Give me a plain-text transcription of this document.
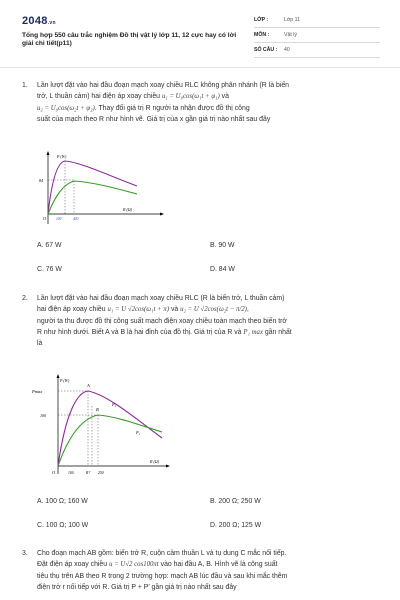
2048.vn
Tổng hợp 550 câu trắc nghiệm Đồ thị vật lý lớp 11, 12 cực hay có lời giải chi tiết(p11)
LỚP :	Lớp 11
MÔN :	Vật lý
SỐ CÂU : 40
1. Lần lượt đặt vào hai đầu đoạn mạch xoay chiều RLC không phân nhánh (R là biến
trở, L thuần cảm) hai điện áp xoay chiều u₁ = U₀cos(ω₁t + φ₁) và
u₂ = U₀cos(ω₂t + φ₂). Thay đổi giá trị R người ta nhận được đồ thị công
suất của mạch theo R như hình vẽ. Giá trị của x gần giá trị nào nhất sau đây
P (W)
84
O	100	400
R (Ω)
A. 67 W	B. 90 W
C. 76 W	D. 84 W
2. Lần lượt đặt vào hai đầu đoạn mạch xoay chiều RLC (R là biến trở, L thuần cảm)
hai điện áp xoay chiều u₁ = U √2cos(ω₁t + π) và u₂ = U √2cos(ω₂t − π/2),
người ta thu được đồ thị công suất mạch điện xoay chiều toàn mạch theo biến trở
R như hình dưới. Biết A và B là hai đỉnh của đồ thị. Giá trị của R và P₁ max gần nhất
là
P (W)
Pmax
100
A
B
P₂
P₁
O	100	R? 250
R (Ω)
A. 100 Ω; 160 W	B. 200 Ω; 250 W
C. 100 Ω; 100 W	D. 200 Ω; 125 W
3. Cho đoạn mạch AB gồm: biến trở R, cuộn cảm thuần L và tụ dung C mắc nối tiếp.
Đặt điện áp xoay chiều u = U√2 cos100πt vào hai đầu A, B. Hình vẽ là công suất
tiêu thụ trên AB theo R trong 2 trường hợp: mạch AB lúc đầu và sau khi mắc thêm
điện trở r nối tiếp với R. Giá trị P + P′ gần giá trị nào nhất sau đây
